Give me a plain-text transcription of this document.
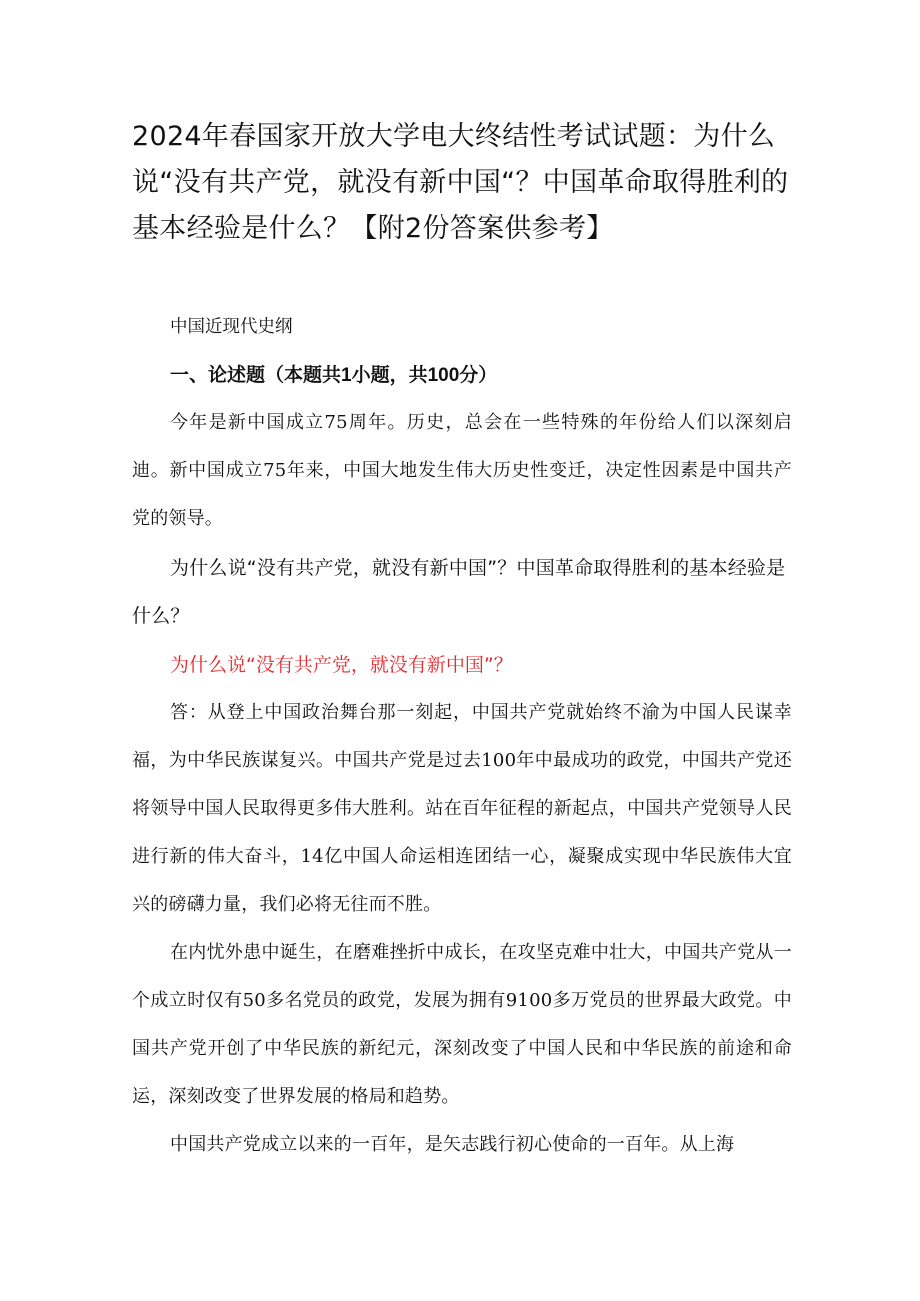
2024年春国家开放大学电大终结性考试试题：为什么说“没有共产党，就没有新中国“？中国革命取得胜利的基本经验是什么？【附2份答案供参考】

中国近现代史纲

一、论述题（本题共1小题，共100分）

今年是新中国成立75周年。历史，总会在一些特殊的年份给人们以深刻启迪。新中国成立75年来，中国大地发生伟大历史性变迁，决定性因素是中国共产党的领导。

为什么说“没有共产党，就没有新中国”？中国革命取得胜利的基本经验是什么？

为什么说“没有共产党，就没有新中国”？

答：从登上中国政治舞台那一刻起，中国共产党就始终不渝为中国人民谋幸福，为中华民族谋复兴。中国共产党是过去100年中最成功的政党，中国共产党还将领导中国人民取得更多伟大胜利。站在百年征程的新起点，中国共产党领导人民进行新的伟大奋斗，14亿中国人命运相连团结一心，凝聚成实现中华民族伟大宜兴的磅礴力量，我们必将无往而不胜。

在内忧外患中诞生，在磨难挫折中成长，在攻坚克难中壮大，中国共产党从一个成立时仅有50多名党员的政党，发展为拥有9100多万党员的世界最大政党。中国共产党开创了中华民族的新纪元，深刻改变了中国人民和中华民族的前途和命运，深刻改变了世界发展的格局和趋势。

中国共产党成立以来的一百年，是矢志践行初心使命的一百年。从上海
